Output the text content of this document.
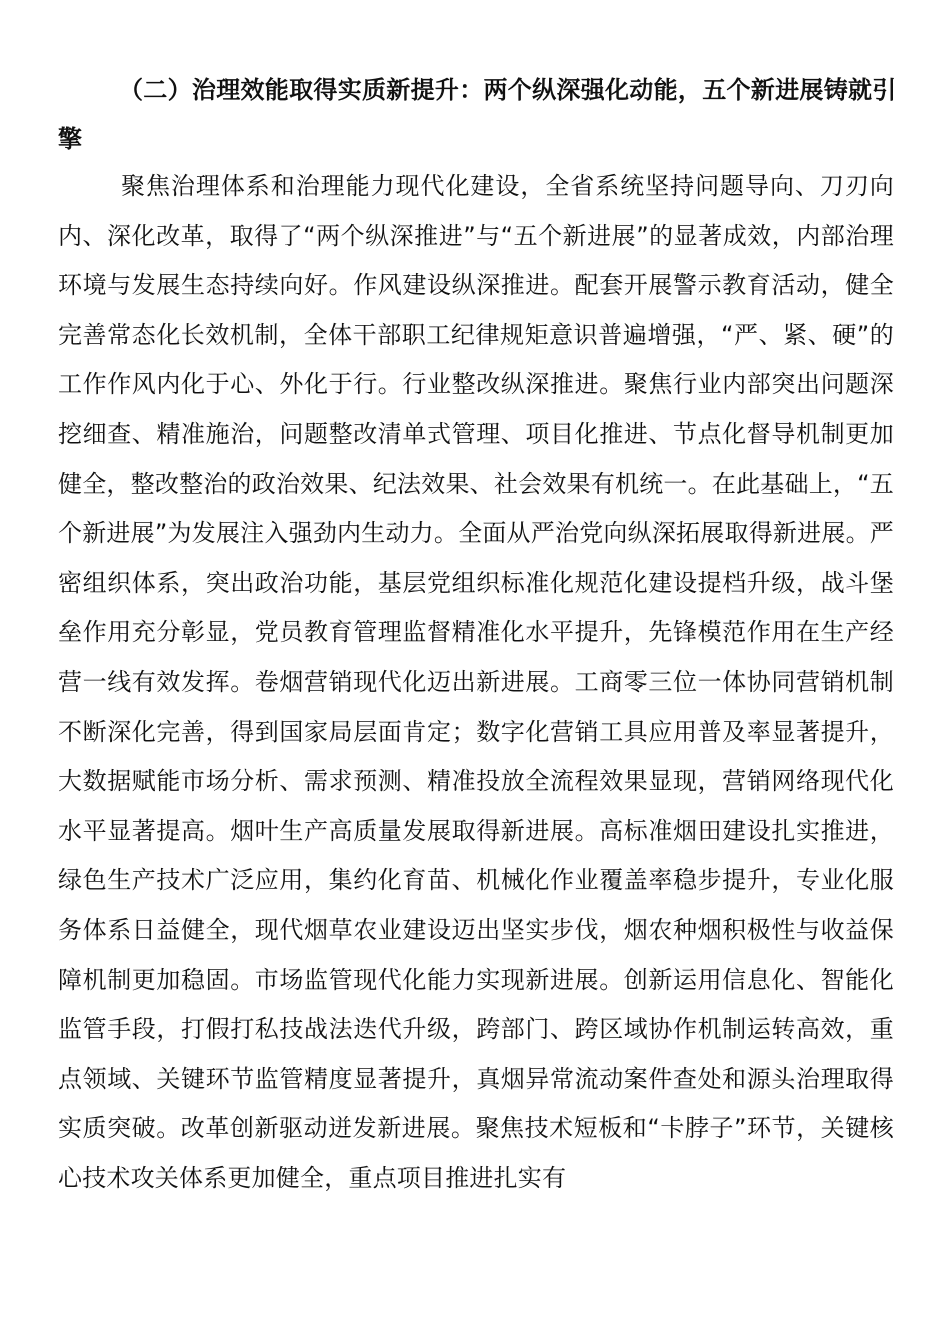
（二）治理效能取得实质新提升：两个纵深强化动能，五个新进展铸就引擎

聚焦治理体系和治理能力现代化建设，全省系统坚持问题导向、刀刃向内、深化改革，取得了“两个纵深推进”与“五个新进展”的显著成效，内部治理环境与发展生态持续向好。作风建设纵深推进。配套开展警示教育活动，健全完善常态化长效机制，全体干部职工纪律规矩意识普遍增强，“严、紧、硬”的工作作风内化于心、外化于行。行业整改纵深推进。聚焦行业内部突出问题深挖细查、精准施治，问题整改清单式管理、项目化推进、节点化督导机制更加健全，整改整治的政治效果、纪法效果、社会效果有机统一。在此基础上，“五个新进展”为发展注入强劲内生动力。全面从严治党向纵深拓展取得新进展。严密组织体系，突出政治功能，基层党组织标准化规范化建设提档升级，战斗堡垒作用充分彰显，党员教育管理监督精准化水平提升，先锋模范作用在生产经营一线有效发挥。卷烟营销现代化迈出新进展。工商零三位一体协同营销机制不断深化完善，得到国家局层面肯定；数字化营销工具应用普及率显著提升，大数据赋能市场分析、需求预测、精准投放全流程效果显现，营销网络现代化水平显著提高。烟叶生产高质量发展取得新进展。高标准烟田建设扎实推进，绿色生产技术广泛应用，集约化育苗、机械化作业覆盖率稳步提升，专业化服务体系日益健全，现代烟草农业建设迈出坚实步伐，烟农种烟积极性与收益保障机制更加稳固。市场监管现代化能力实现新进展。创新运用信息化、智能化监管手段，打假打私技战法迭代升级，跨部门、跨区域协作机制运转高效，重点领域、关键环节监管精度显著提升，真烟异常流动案件查处和源头治理取得实质突破。改革创新驱动迸发新进展。聚焦技术短板和“卡脖子”环节，关键核心技术攻关体系更加健全，重点项目推进扎实有
